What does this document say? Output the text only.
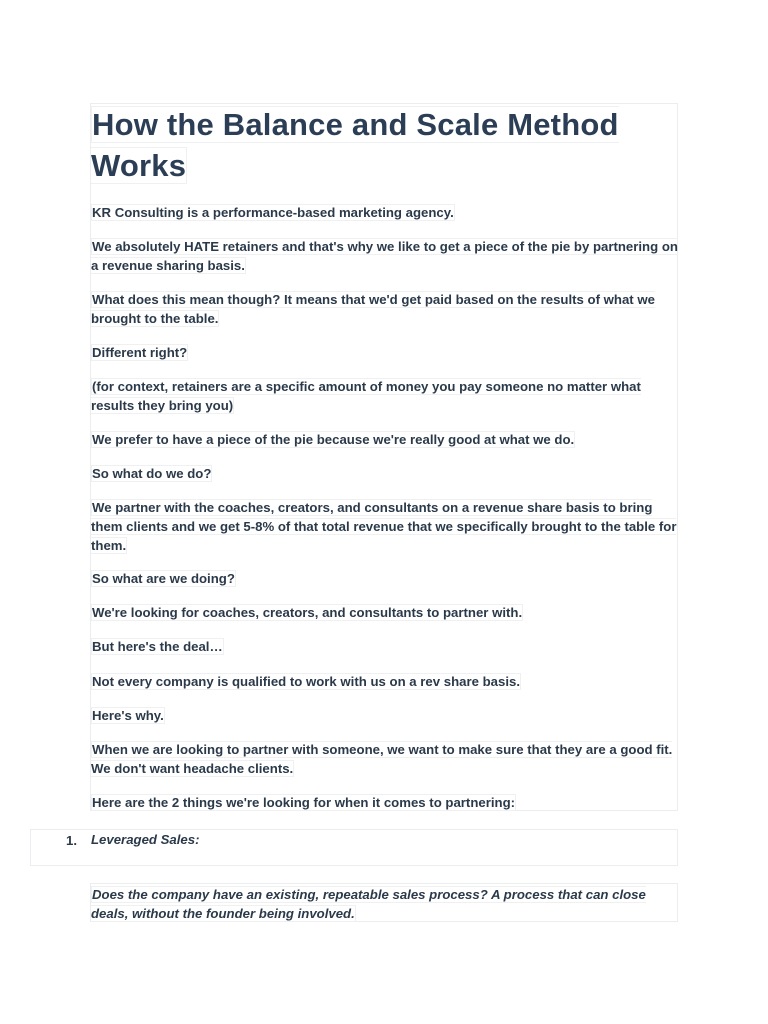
How the Balance and Scale Method Works

KR Consulting is a performance-based marketing agency.

We absolutely HATE retainers and that's why we like to get a piece of the pie by partnering on a revenue sharing basis.

What does this mean though? It means that we'd get paid based on the results of what we brought to the table.

Different right?

(for context, retainers are a specific amount of money you pay someone no matter what results they bring you)

We prefer to have a piece of the pie because we're really good at what we do.

So what do we do?

We partner with the coaches, creators, and consultants on a revenue share basis to bring them clients and we get 5-8% of that total revenue that we specifically brought to the table for them.

So what are we doing?

We're looking for coaches, creators, and consultants to partner with.

But here's the deal…

Not every company is qualified to work with us on a rev share basis.

Here's why.

When we are looking to partner with someone, we want to make sure that they are a good fit. We don't want headache clients.

Here are the 2 things we're looking for when it comes to partnering:

1. Leveraged Sales:

Does the company have an existing, repeatable sales process? A process that can close deals, without the founder being involved.
